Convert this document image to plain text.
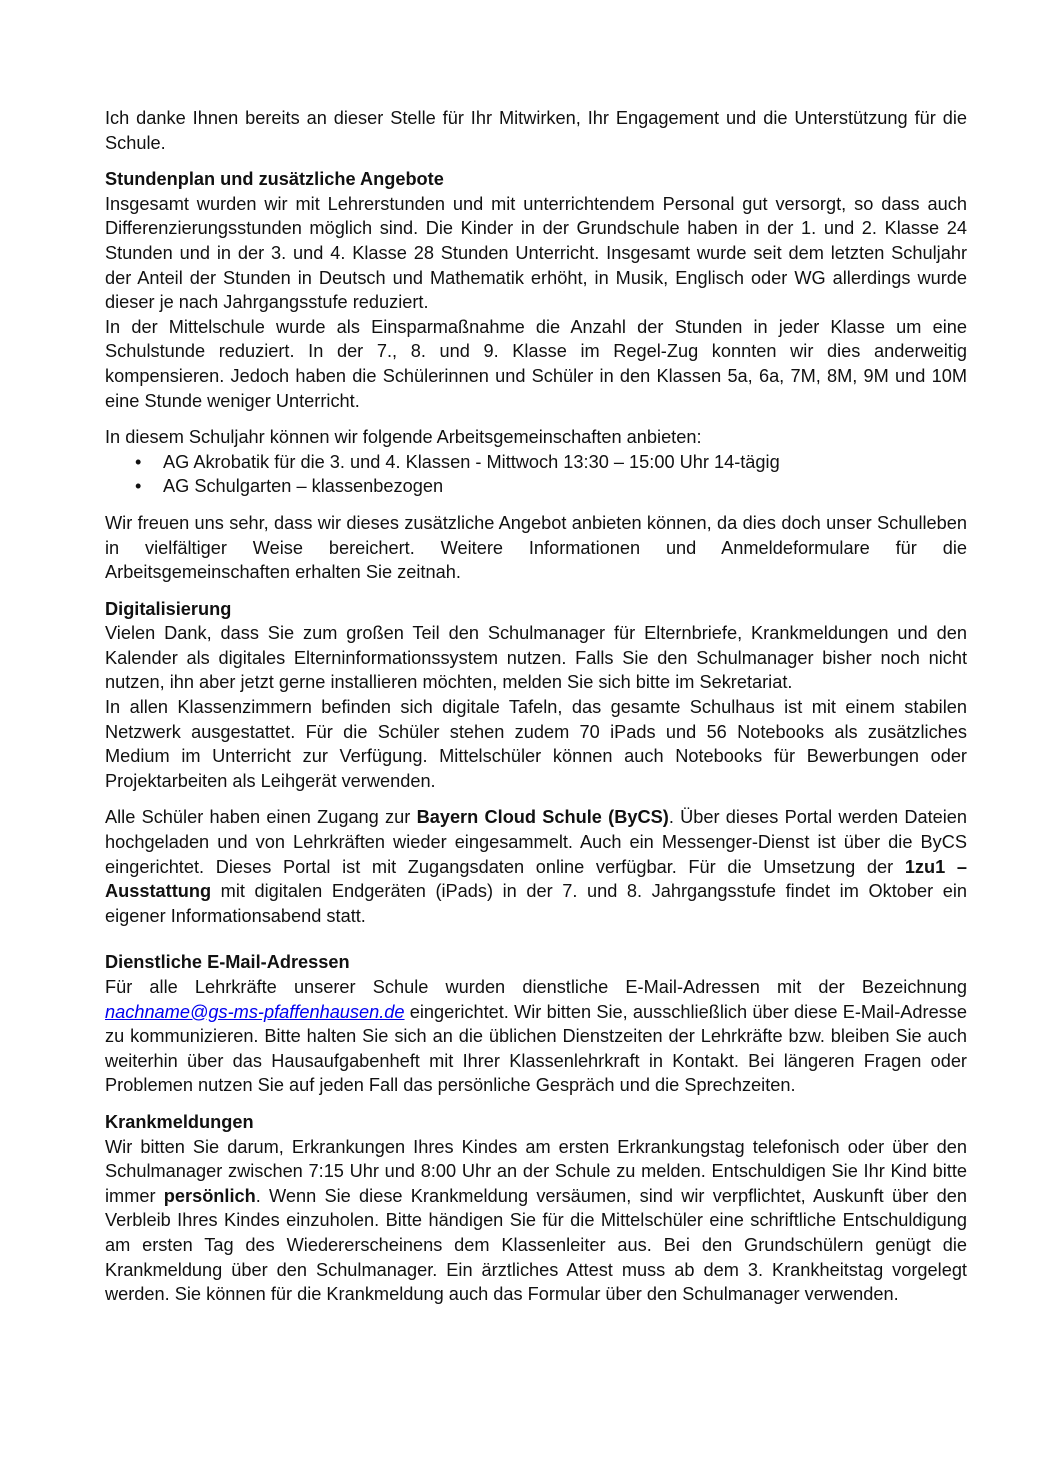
Ich danke Ihnen bereits an dieser Stelle für Ihr Mitwirken, Ihr Engagement und die Unterstützung für die Schule.

Stundenplan und zusätzliche Angebote

Insgesamt wurden wir mit Lehrerstunden und mit unterrichtendem Personal gut versorgt, so dass auch Differenzierungsstunden möglich sind. Die Kinder in der Grundschule haben in der 1. und 2. Klasse 24 Stunden und in der 3. und 4. Klasse 28 Stunden Unterricht. Insgesamt wurde seit dem letzten Schuljahr der Anteil der Stunden in Deutsch und Mathematik erhöht, in Musik, Englisch oder WG allerdings wurde dieser je nach Jahrgangsstufe reduziert.

In der Mittelschule wurde als Einsparmaßnahme die Anzahl der Stunden in jeder Klasse um eine Schulstunde reduziert. In der 7., 8. und 9. Klasse im Regel-Zug konnten wir dies anderweitig kompensieren. Jedoch haben die Schülerinnen und Schüler in den Klassen 5a, 6a, 7M, 8M, 9M und 10M eine Stunde weniger Unterricht.

In diesem Schuljahr können wir folgende Arbeitsgemeinschaften anbieten:

• AG Akrobatik für die 3. und 4. Klassen - Mittwoch 13:30 – 15:00 Uhr 14-tägig
• AG Schulgarten – klassenbezogen

Wir freuen uns sehr, dass wir dieses zusätzliche Angebot anbieten können, da dies doch unser Schulleben in vielfältiger Weise bereichert. Weitere Informationen und Anmeldeformulare für die Arbeitsgemeinschaften erhalten Sie zeitnah.

Digitalisierung

Vielen Dank, dass Sie zum großen Teil den Schulmanager für Elternbriefe, Krankmeldungen und den Kalender als digitales Elterninformationssystem nutzen. Falls Sie den Schulmanager bisher noch nicht nutzen, ihn aber jetzt gerne installieren möchten, melden Sie sich bitte im Sekretariat.

In allen Klassenzimmern befinden sich digitale Tafeln, das gesamte Schulhaus ist mit einem stabilen Netzwerk ausgestattet. Für die Schüler stehen zudem 70 iPads und 56 Notebooks als zusätzliches Medium im Unterricht zur Verfügung. Mittelschüler können auch Notebooks für Bewerbungen oder Projektarbeiten als Leihgerät verwenden.

Alle Schüler haben einen Zugang zur Bayern Cloud Schule (ByCS). Über dieses Portal werden Dateien hochgeladen und von Lehrkräften wieder eingesammelt. Auch ein Messenger-Dienst ist über die ByCS eingerichtet. Dieses Portal ist mit Zugangsdaten online verfügbar. Für die Umsetzung der 1zu1 – Ausstattung mit digitalen Endgeräten (iPads) in der 7. und 8. Jahrgangsstufe findet im Oktober ein eigener Informationsabend statt.

Dienstliche E-Mail-Adressen

Für alle Lehrkräfte unserer Schule wurden dienstliche E-Mail-Adressen mit der Bezeichnung nachname@gs-ms-pfaffenhausen.de eingerichtet. Wir bitten Sie, ausschließlich über diese E-Mail-Adresse zu kommunizieren. Bitte halten Sie sich an die üblichen Dienstzeiten der Lehrkräfte bzw. bleiben Sie auch weiterhin über das Hausaufgabenheft mit Ihrer Klassenlehrkraft in Kontakt. Bei längeren Fragen oder Problemen nutzen Sie auf jeden Fall das persönliche Gespräch und die Sprechzeiten.

Krankmeldungen

Wir bitten Sie darum, Erkrankungen Ihres Kindes am ersten Erkrankungstag telefonisch oder über den Schulmanager zwischen 7:15 Uhr und 8:00 Uhr an der Schule zu melden. Entschuldigen Sie Ihr Kind bitte immer persönlich. Wenn Sie diese Krankmeldung versäumen, sind wir verpflichtet, Auskunft über den Verbleib Ihres Kindes einzuholen. Bitte händigen Sie für die Mittelschüler eine schriftliche Entschuldigung am ersten Tag des Wiedererscheinens dem Klassenleiter aus. Bei den Grundschülern genügt die Krankmeldung über den Schulmanager. Ein ärztliches Attest muss ab dem 3. Krankheitstag vorgelegt werden. Sie können für die Krankmeldung auch das Formular über den Schulmanager verwenden.
